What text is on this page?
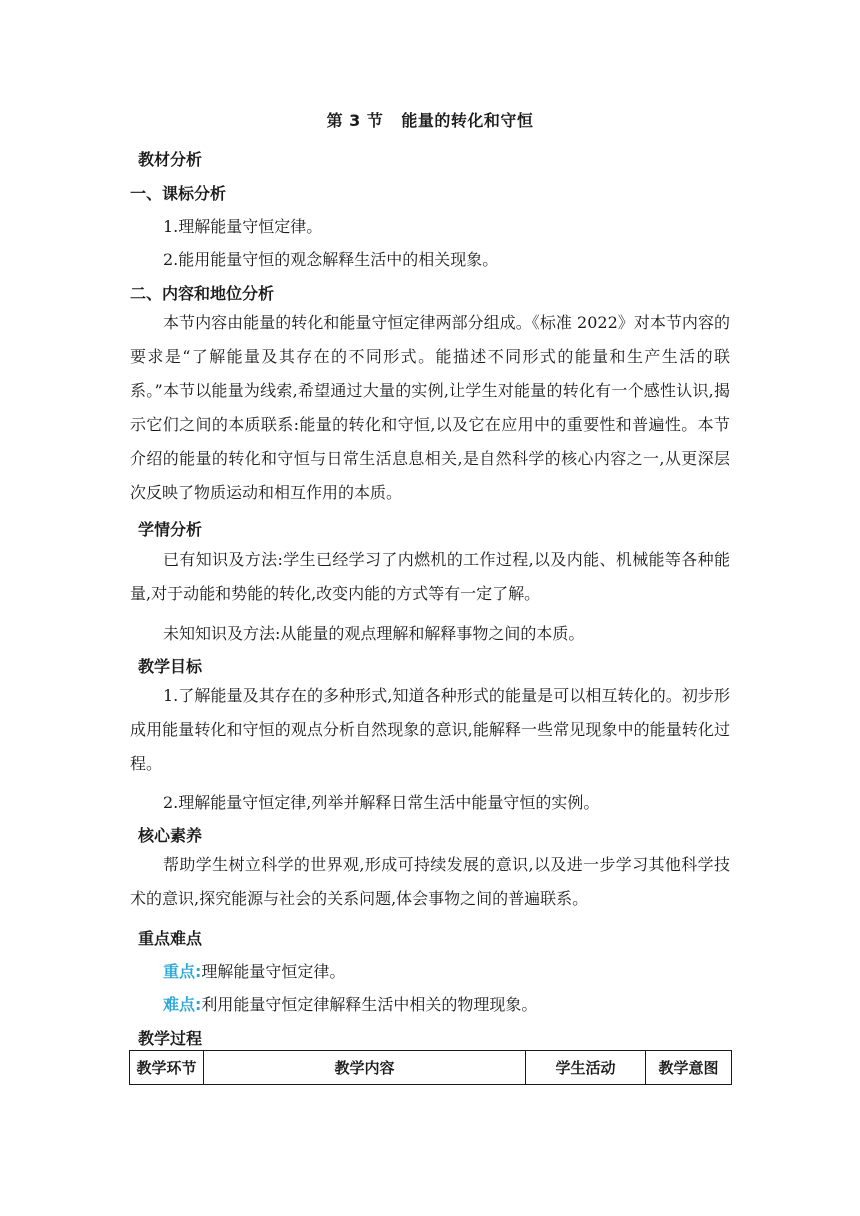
第 3 节 能量的转化和守恒
教材分析
一、课标分析
1.理解能量守恒定律。
2.能用能量守恒的观念解释生活中的相关现象。
二、内容和地位分析
本节内容由能量的转化和能量守恒定律两部分组成。《标准 2022》对本节内容的要求是“了解能量及其存在的不同形式。能描述不同形式的能量和生产生活的联系。”本节以能量为线索,希望通过大量的实例,让学生对能量的转化有一个感性认识,揭示它们之间的本质联系:能量的转化和守恒,以及它在应用中的重要性和普遍性。本节介绍的能量的转化和守恒与日常生活息息相关,是自然科学的核心内容之一,从更深层次反映了物质运动和相互作用的本质。
学情分析
已有知识及方法:学生已经学习了内燃机的工作过程,以及内能、机械能等各种能量,对于动能和势能的转化,改变内能的方式等有一定了解。
未知知识及方法:从能量的观点理解和解释事物之间的本质。
教学目标
1.了解能量及其存在的多种形式,知道各种形式的能量是可以相互转化的。初步形成用能量转化和守恒的观点分析自然现象的意识,能解释一些常见现象中的能量转化过程。
2.理解能量守恒定律,列举并解释日常生活中能量守恒的实例。
核心素养
帮助学生树立科学的世界观,形成可持续发展的意识,以及进一步学习其他科学技术的意识,探究能源与社会的关系问题,体会事物之间的普遍联系。
重点难点
重点:理解能量守恒定律。
难点:利用能量守恒定律解释生活中相关的物理现象。
教学过程
教学环节	教学内容	学生活动	教学意图
